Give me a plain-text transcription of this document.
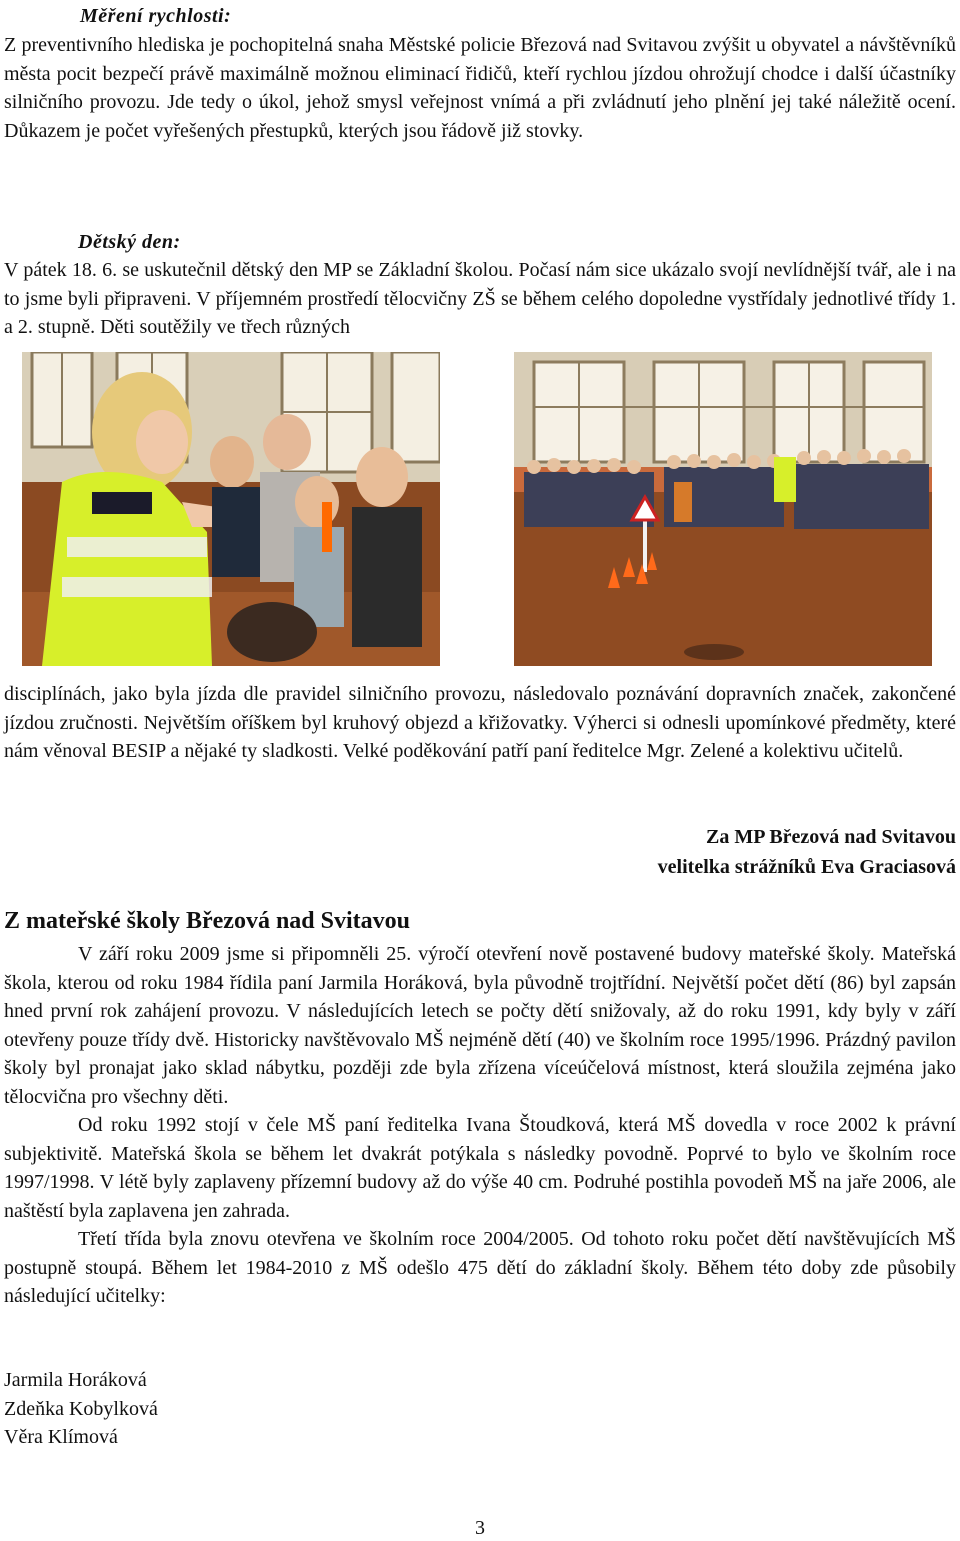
Měření rychlosti:

Z preventivního hlediska je pochopitelná snaha Městské policie Březová nad Svitavou zvýšit u obyvatel a návštěvníků města pocit bezpečí právě maximálně možnou eliminací řidičů, kteří rychlou jízdou ohrožují chodce i další účastníky silničního provozu. Jde tedy o úkol, jehož smysl veřejnost vnímá a při zvládnutí jeho plnění jej také náležitě ocení. Důkazem je počet vyřešených přestupků, kterých jsou řádově již stovky.

Dětský den:

V pátek 18. 6. se uskutečnil dětský den MP se Základní školou. Počasí nám sice ukázalo svojí nevlídnější tvář, ale i na to jsme byli připraveni. V příjemném prostředí tělocvičny ZŠ se během celého dopoledne vystřídaly jednotlivé třídy 1. a 2. stupně. Děti soutěžily ve třech různých

disciplínách, jako byla jízda dle pravidel silničního provozu, následovalo poznávání dopravních značek, zakončené jízdou zručnosti. Největším oříškem byl kruhový objezd a křižovatky. Výherci si odnesli upomínkové předměty, které nám věnoval BESIP a nějaké ty sladkosti. Velké poděkování patří paní ředitelce Mgr. Zelené a kolektivu učitelů.

Za MP Březová nad Svitavou
velitelka strážníků Eva Graciasová
Z mateřské školy Březová nad Svitavou

V září roku 2009 jsme si připomněli 25. výročí otevření nově postavené budovy mateřské školy. Mateřská škola, kterou od roku 1984 řídila paní Jarmila Horáková, byla původně trojtřídní. Největší počet dětí (86) byl zapsán hned první rok zahájení provozu. V následujících letech se počty dětí snižovaly, až do roku 1991, kdy byly v září otevřeny pouze třídy dvě. Historicky navštěvovalo MŠ nejméně dětí (40) ve školním roce 1995/1996. Prázdný pavilon školy byl pronajat jako sklad nábytku, později zde byla zřízena víceúčelová místnost, která sloužila zejména jako tělocvična pro všechny děti.

Od roku 1992 stojí v čele MŠ paní ředitelka Ivana Štoudková, která MŠ dovedla v roce 2002 k právní subjektivitě. Mateřská škola se během let dvakrát potýkala s následky povodně. Poprvé to bylo ve školním roce 1997/1998. V létě byly zaplaveny přízemní budovy až do výše 40 cm. Podruhé postihla povodeň MŠ na jaře 2006, ale naštěstí byla zaplavena jen zahrada.

Třetí třída byla znovu otevřena ve školním roce 2004/2005. Od tohoto roku počet dětí navštěvujících MŠ postupně stoupá. Během let 1984-2010 z MŠ odešlo 475 dětí do základní školy. Během této doby zde působily následující učitelky:

Jarmila Horáková
Zdeňka Kobylková
Věra Klímová
3
